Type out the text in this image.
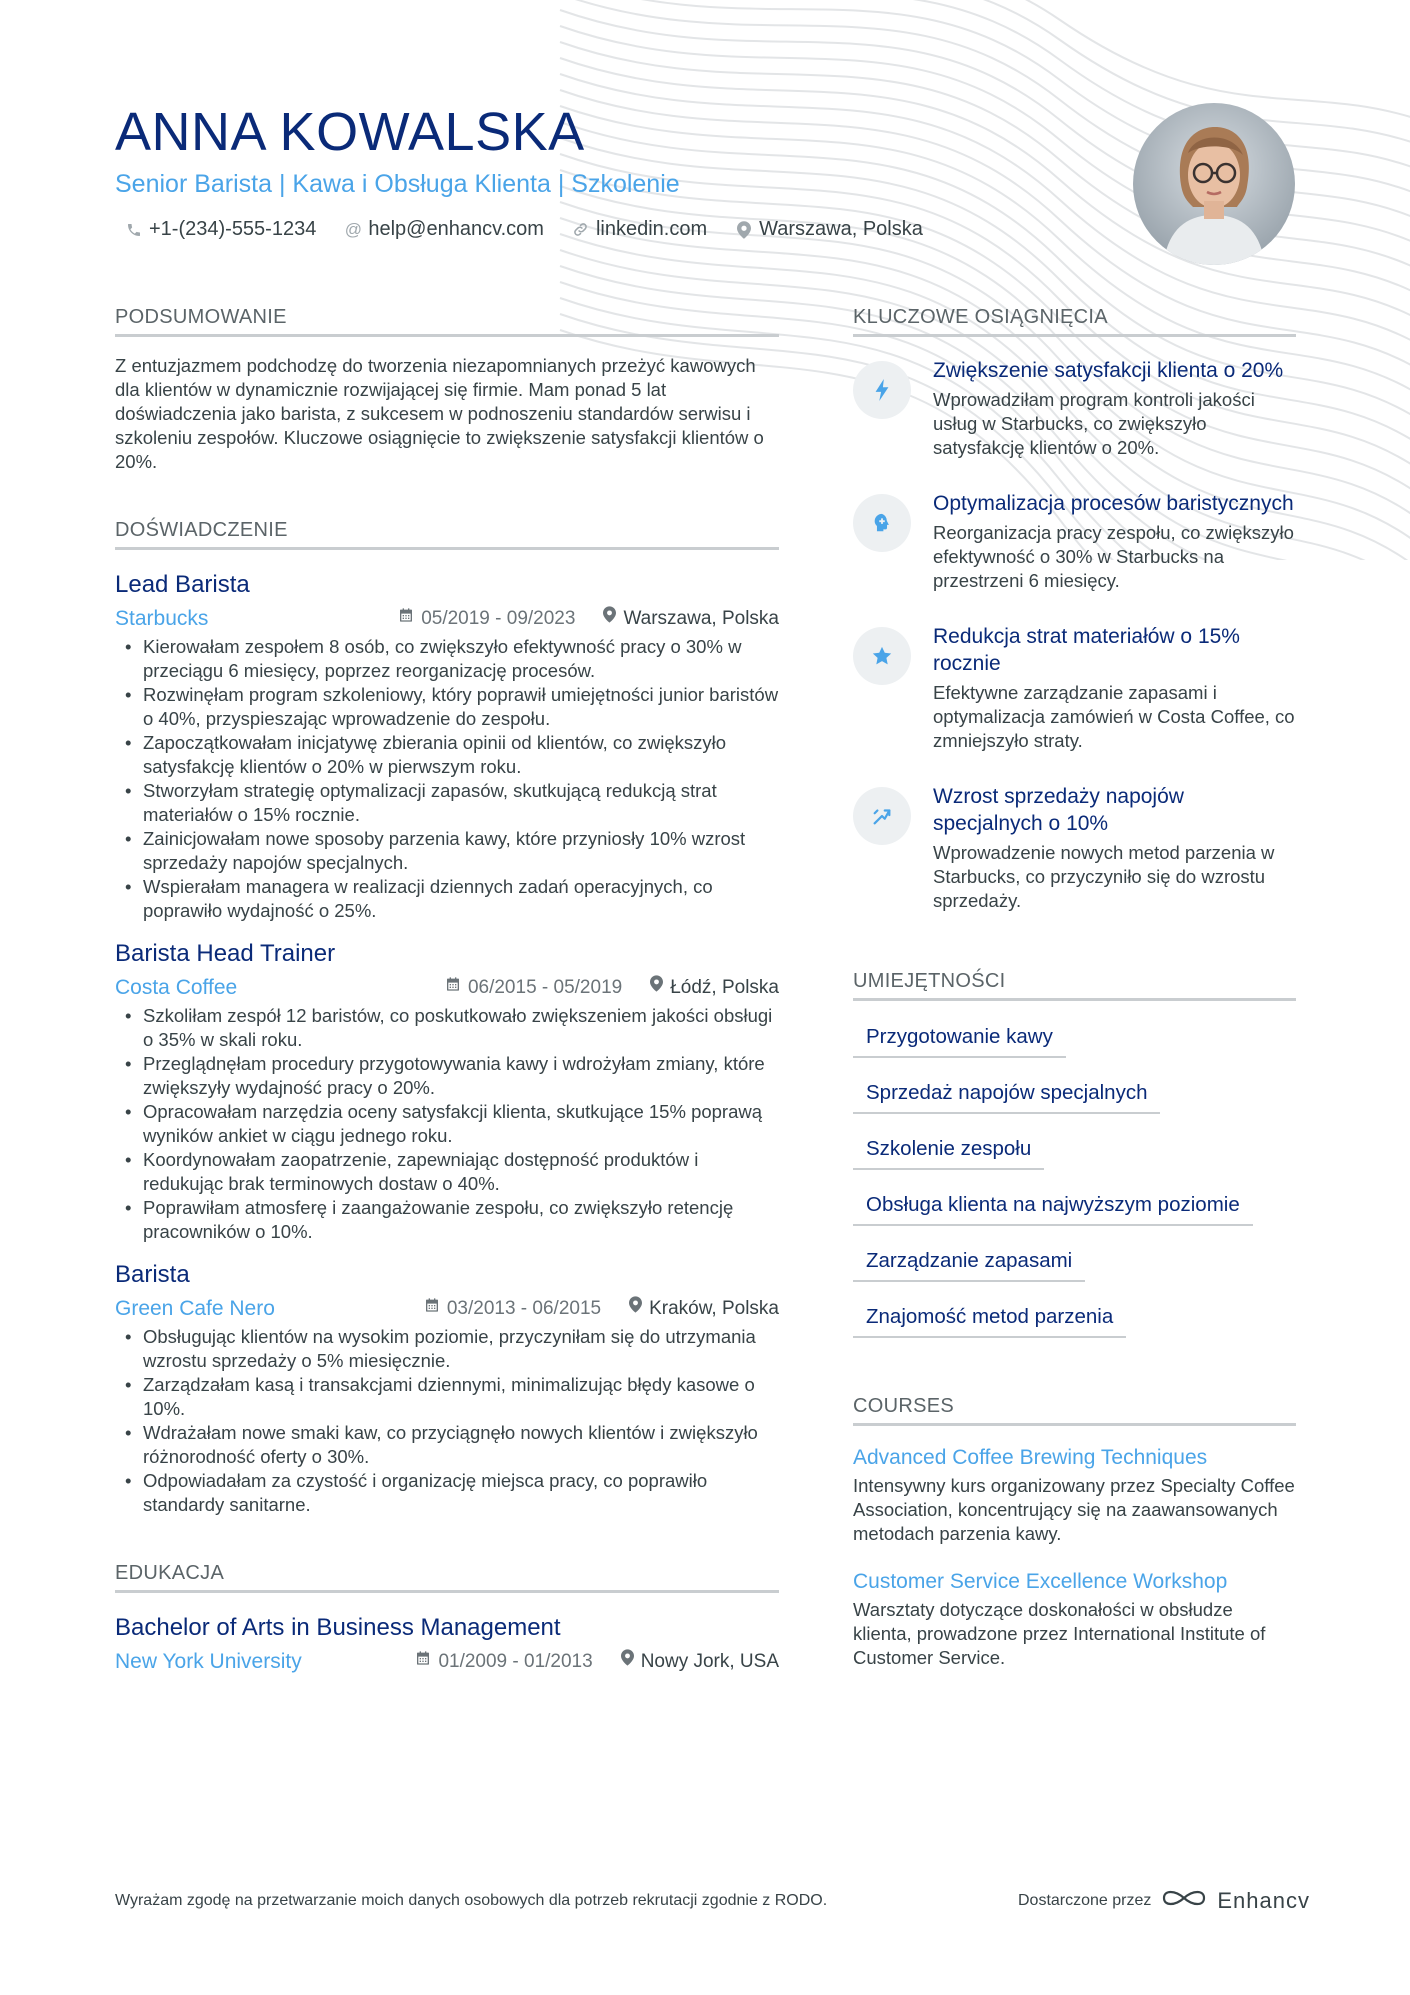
ANNA KOWALSKA
Senior Barista | Kawa i Obsługa Klienta | Szkolenie
+1-(234)-555-1234 @ help@enhancv.com	linkedin.com	Warszawa, Polska
PODSUMOWANIE
Z entuzjazmem podchodzę do tworzenia niezapomnianych przeżyć kawowych dla klientów w dynamicznie rozwijającej się firmie. Mam ponad 5 lat doświadczenia jako barista, z sukcesem w podnoszeniu standardów serwisu i szkoleniu zespołów. Kluczowe osiągnięcie to zwiększenie satysfakcji klientów o 20%.
DOŚWIADCZENIE
Lead Barista
Starbucks	05/2019 - 09/2023	Warszawa, Polska
• Kierowałam zespołem 8 osób, co zwiększyło efektywność pracy o 30% w przeciągu 6 miesięcy, poprzez reorganizację procesów.
• Rozwinęłam program szkoleniowy, który poprawił umiejętności junior baristów o 40%, przyspieszając wprowadzenie do zespołu.
• Zapoczątkowałam inicjatywę zbierania opinii od klientów, co zwiększyło satysfakcję klientów o 20% w pierwszym roku.
• Stworzyłam strategię optymalizacji zapasów, skutkującą redukcją strat materiałów o 15% rocznie.
• Zainicjowałam nowe sposoby parzenia kawy, które przyniosły 10% wzrost sprzedaży napojów specjalnych.
• Wspierałam managera w realizacji dziennych zadań operacyjnych, co poprawiło wydajność o 25%.
Barista Head Trainer
Costa Coffee	06/2015 - 05/2019	Łódź, Polska
• Szkoliłam zespół 12 baristów, co poskutkowało zwiększeniem jakości obsługi o 35% w skali roku.
• Przeglądnęłam procedury przygotowywania kawy i wdrożyłam zmiany, które zwiększyły wydajność pracy o 20%.
• Opracowałam narzędzia oceny satysfakcji klienta, skutkujące 15% poprawą wyników ankiet w ciągu jednego roku.
• Koordynowałam zaopatrzenie, zapewniając dostępność produktów i redukując brak terminowych dostaw o 40%.
• Poprawiłam atmosferę i zaangażowanie zespołu, co zwiększyło retencję pracowników o 10%.
Barista
Green Cafe Nero	03/2013 - 06/2015	Kraków, Polska
• Obsługując klientów na wysokim poziomie, przyczyniłam się do utrzymania wzrostu sprzedaży o 5% miesięcznie.
• Zarządzałam kasą i transakcjami dziennymi, minimalizując błędy kasowe o 10%.
• Wdrażałam nowe smaki kaw, co przyciągnęło nowych klientów i zwiększyło różnorodność oferty o 30%.
• Odpowiadałam za czystość i organizację miejsca pracy, co poprawiło standardy sanitarne.
EDUKACJA
Bachelor of Arts in Business Management
New York University	01/2009 - 01/2013	Nowy Jork, USA
KLUCZOWE OSIĄGNIĘCIA
Zwiększenie satysfakcji klienta o 20%
Wprowadziłam program kontroli jakości usług w Starbucks, co zwiększyło satysfakcję klientów o 20%.
Optymalizacja procesów baristycznych
Reorganizacja pracy zespołu, co zwiększyło efektywność o 30% w Starbucks na przestrzeni 6 miesięcy.
Redukcja strat materiałów o 15% rocznie
Efektywne zarządzanie zapasami i optymalizacja zamówień w Costa Coffee, co zmniejszyło straty.
Wzrost sprzedaży napojów specjalnych o 10%
Wprowadzenie nowych metod parzenia w Starbucks, co przyczyniło się do wzrostu sprzedaży.
UMIEJĘTNOŚCI
Przygotowanie kawy
Sprzedaż napojów specjalnych
Szkolenie zespołu
Obsługa klienta na najwyższym poziomie
Zarządzanie zapasami
Znajomość metod parzenia
COURSES
Advanced Coffee Brewing Techniques
Intensywny kurs organizowany przez Specialty Coffee Association, koncentrujący się na zaawansowanych metodach parzenia kawy.
Customer Service Excellence Workshop
Warsztaty dotyczące doskonałości w obsłudze klienta, prowadzone przez International Institute of Customer Service.
Wyrażam zgodę na przetwarzanie moich danych osobowych dla potrzeb rekrutacji zgodnie z RODO.	Dostarczone przez	Enhancv
